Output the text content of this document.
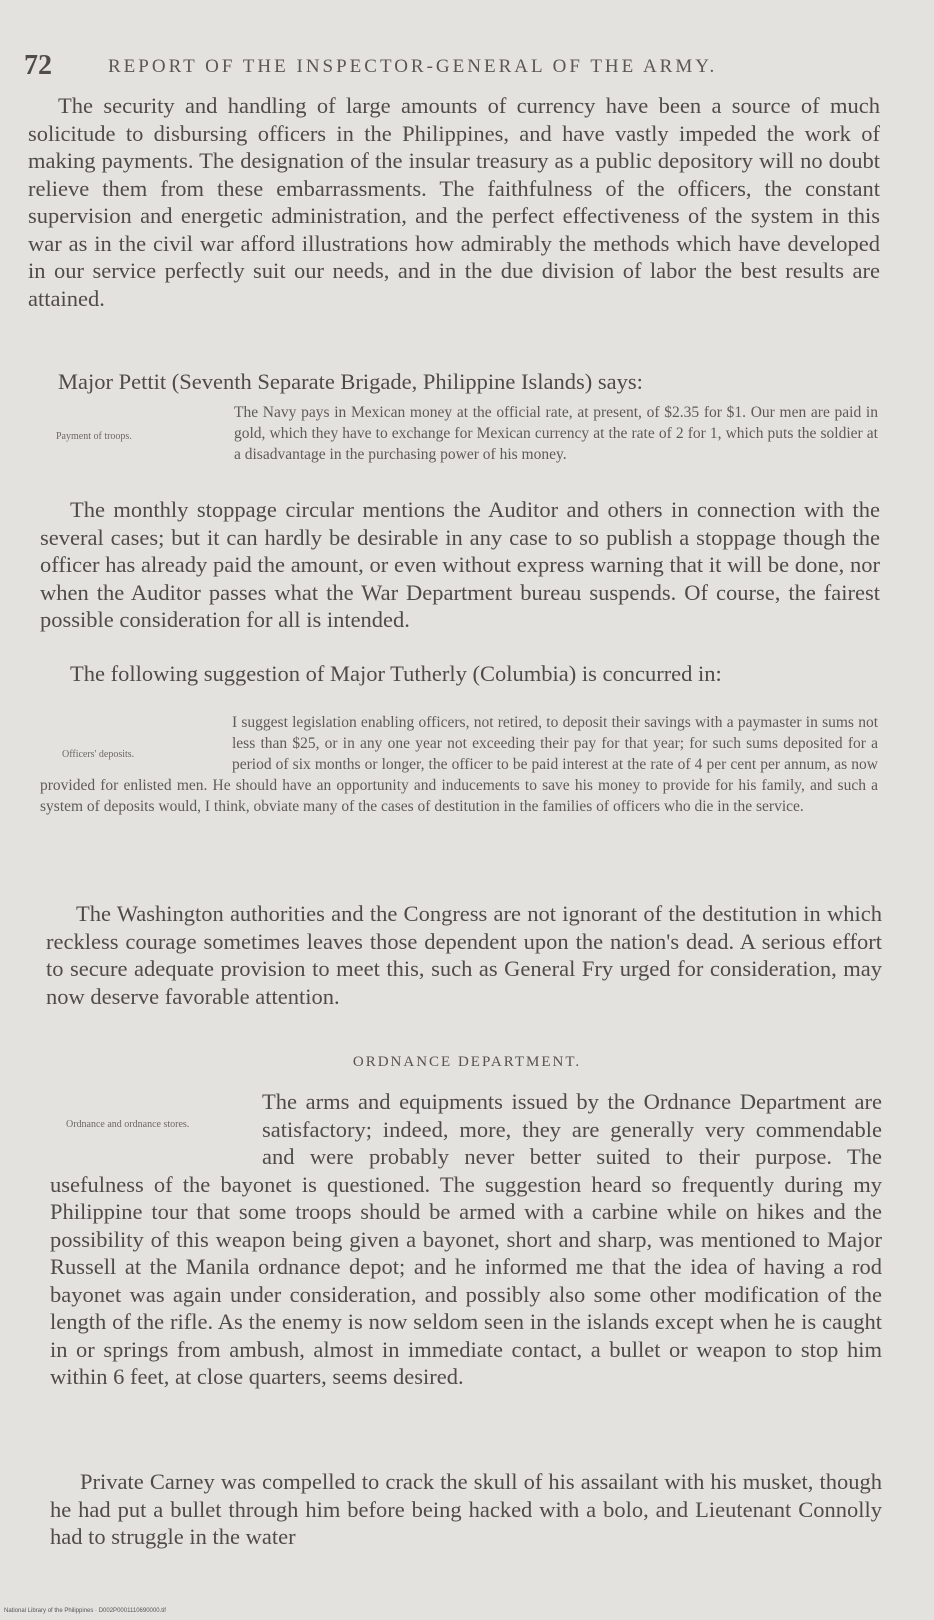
72	REPORT OF THE INSPECTOR-GENERAL OF THE ARMY.
The security and handling of large amounts of currency have been a source of much solicitude to disbursing officers in the Philippines, and have vastly impeded the work of making payments. The designation of the insular treasury as a public depository will no doubt relieve them from these embarrassments. The faithfulness of the officers, the constant supervision and energetic administration, and the perfect effectiveness of the system in this war as in the civil war afford illustrations how admirably the methods which have developed in our service perfectly suit our needs, and in the due division of labor the best results are attained.
Major Pettit (Seventh Separate Brigade, Philippine Islands) says:
Payment of troops.
The Navy pays in Mexican money at the official rate, at present, of $2.35 for $1. Our men are paid in gold, which they have to exchange for Mexican currency at the rate of 2 for 1, which puts the soldier at a disadvantage in the purchasing power of his money.
The monthly stoppage circular mentions the Auditor and others in connection with the several cases; but it can hardly be desirable in any case to so publish a stoppage though the officer has already paid the amount, or even without express warning that it will be done, nor when the Auditor passes what the War Department bureau suspends. Of course, the fairest possible consideration for all is intended.
The following suggestion of Major Tutherly (Columbia) is concurred in:
Officers' deposits.
I suggest legislation enabling officers, not retired, to deposit their savings with a paymaster in sums not less than $25, or in any one year not exceeding their pay for that year; for such sums deposited for a period of six months or longer, the officer to be paid interest at the rate of 4 per cent per annum, as now provided for enlisted men. He should have an opportunity and inducements to save his money to provide for his family, and such a system of deposits would, I think, obviate many of the cases of destitution in the families of officers who die in the service.
The Washington authorities and the Congress are not ignorant of the destitution in which reckless courage sometimes leaves those dependent upon the nation's dead. A serious effort to secure adequate provision to meet this, such as General Fry urged for consideration, may now deserve favorable attention.
ORDNANCE DEPARTMENT.
Ordnance and ordnance stores.
The arms and equipments issued by the Ordnance Department are satisfactory; indeed, more, they are generally very commendable and were probably never better suited to their purpose. The usefulness of the bayonet is questioned. The suggestion heard so frequently during my Philippine tour that some troops should be armed with a carbine while on hikes and the possibility of this weapon being given a bayonet, short and sharp, was mentioned to Major Russell at the Manila ordnance depot; and he informed me that the idea of having a rod bayonet was again under consideration, and possibly also some other modification of the length of the rifle. As the enemy is now seldom seen in the islands except when he is caught in or springs from ambush, almost in immediate contact, a bullet or weapon to stop him within 6 feet, at close quarters, seems desired.
Private Carney was compelled to crack the skull of his assailant with his musket, though he had put a bullet through him before being hacked with a bolo, and Lieutenant Connolly had to struggle in the water
National Library of the Philippines · D002P0001110690000.tif
